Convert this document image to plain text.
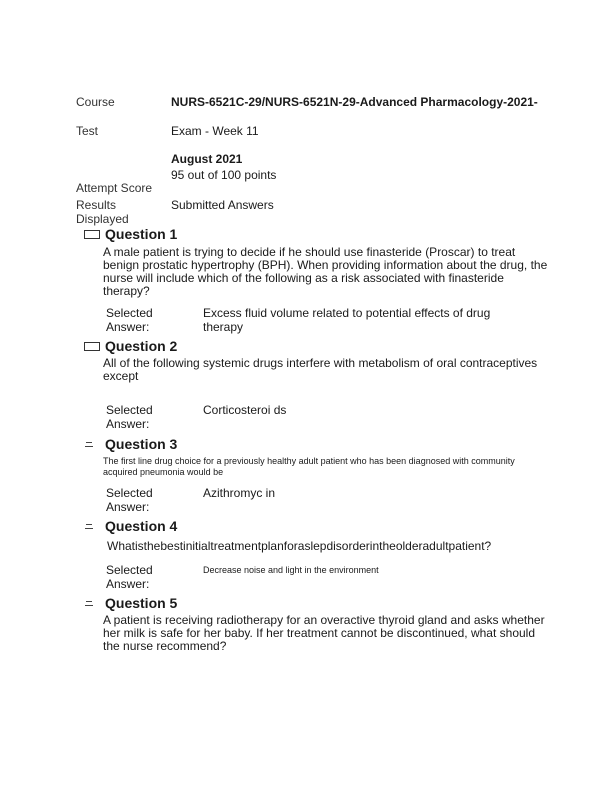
Course	NURS-6521C-29/NURS-6521N-29-Advanced Pharmacology-2021-
Test	Exam - Week 11
August 2021
95 out of 100 points
Attempt Score
Results Displayed
Submitted Answers
Question 1
A male patient is trying to decide if he should use finasteride (Proscar) to treat benign prostatic hypertrophy (BPH). When providing information about the drug, the nurse will include which of the following as a risk associated with finasteride therapy?
Selected Answer:
Excess fluid volume related to potential effects of drug therapy
Question 2
All of the following systemic drugs interfere with metabolism of oral contraceptives except
Selected Answer:
Corticosteroi ds
Question 3
The first line drug choice for a previously healthy adult patient who has been diagnosed with community acquired pneumonia would be
Selected Answer:
Azithromyc in
Question 4
Whatisthebestinitialtreatmentplanforaslepdisorderintheolderadultpatient?
Selected Answer:
Decrease noise and light in the environment
Question 5
A patient is receiving radiotherapy for an overactive thyroid gland and asks whether her milk is safe for her baby. If her treatment cannot be discontinued, what should the nurse recommend?
